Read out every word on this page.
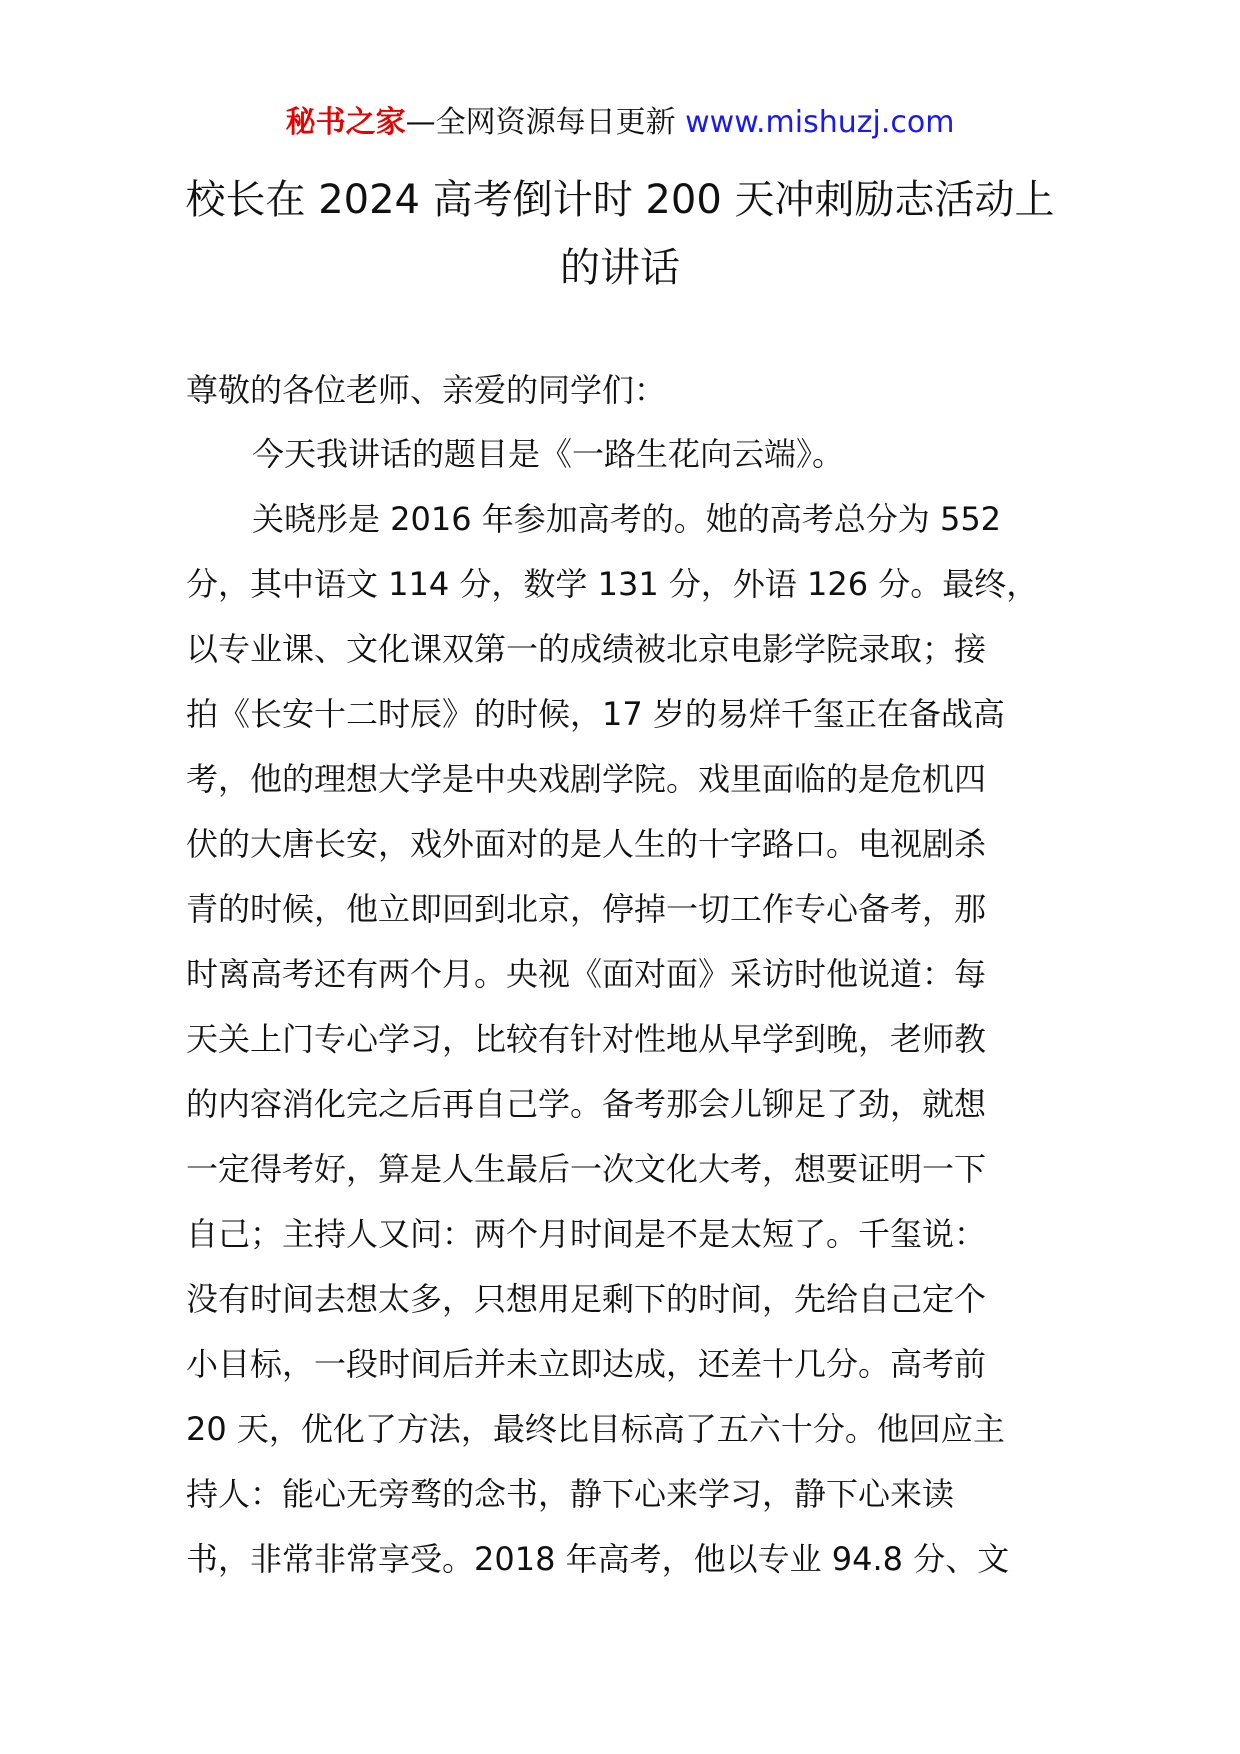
秘书之家—全网资源每日更新 www.mishuzj.com
校长在 2024 高考倒计时 200 天冲刺励志活动上
的讲话
尊敬的各位老师、亲爱的同学们：
今天我讲话的题目是《一路生花向云端》。
关晓彤是 2016 年参加高考的。她的高考总分为 552
分，其中语文 114 分，数学 131 分，外语 126 分。最终，
以专业课、文化课双第一的成绩被北京电影学院录取；接
拍《长安十二时辰》的时候，17 岁的易烊千玺正在备战高
考，他的理想大学是中央戏剧学院。戏里面临的是危机四
伏的大唐长安，戏外面对的是人生的十字路口。电视剧杀
青的时候，他立即回到北京，停掉一切工作专心备考，那
时离高考还有两个月。央视《面对面》采访时他说道：每
天关上门专心学习，比较有针对性地从早学到晚，老师教
的内容消化完之后再自己学。备考那会儿铆足了劲，就想
一定得考好，算是人生最后一次文化大考，想要证明一下
自己；主持人又问：两个月时间是不是太短了。千玺说：
没有时间去想太多，只想用足剩下的时间，先给自己定个
小目标，一段时间后并未立即达成，还差十几分。高考前
20 天，优化了方法，最终比目标高了五六十分。他回应主
持人：能心无旁骛的念书，静下心来学习，静下心来读
书，非常非常享受。2018 年高考，他以专业 94.8 分、文
